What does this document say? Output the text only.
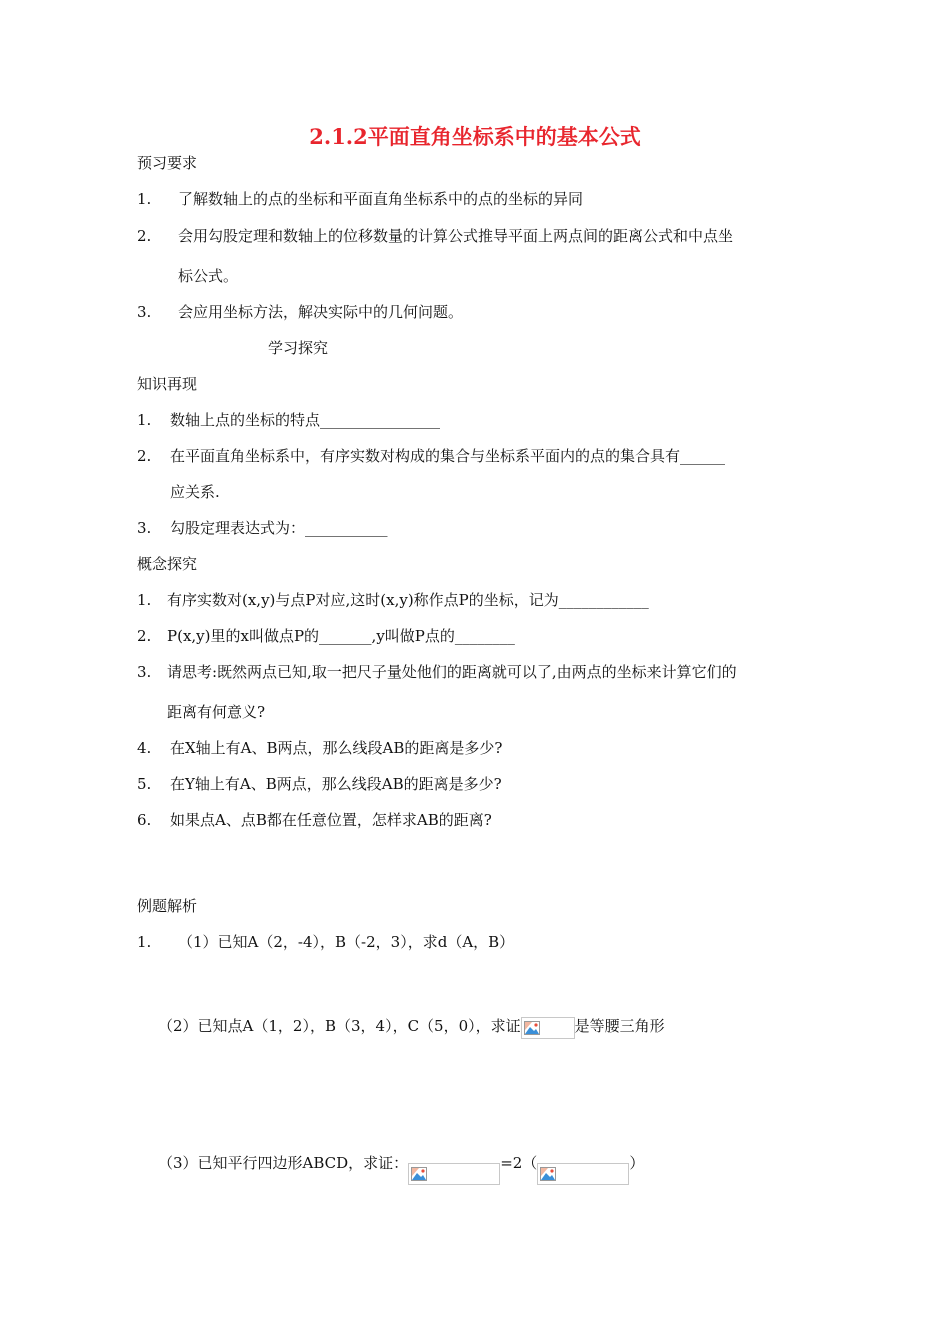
2.1.2平面直角坐标系中的基本公式
预习要求
1. 了解数轴上的点的坐标和平面直角坐标系中的点的坐标的异同
2. 会用勾股定理和数轴上的位移数量的计算公式推导平面上两点间的距离公式和中点坐
标公式。
3. 会应用坐标方法，解决实际中的几何问题。
学习探究
知识再现
1. 数轴上点的坐标的特点________________
2. 在平面直角坐标系中，有序实数对构成的集合与坐标系平面内的点的集合具有______
应关系.
3. 勾股定理表达式为：___________
概念探究
1. 有序实数对(x,y)与点P对应,这时(x,y)称作点P的坐标，记为____________
2. P(x,y)里的x叫做点P的_______,y叫做P点的________
3. 请思考:既然两点已知,取一把尺子量处他们的距离就可以了,由两点的坐标来计算它们的
距离有何意义?
4. 在X轴上有A、B两点，那么线段AB的距离是多少?
5. 在Y轴上有A、B两点，那么线段AB的距离是多少?
6. 如果点A、点B都在任意位置，怎样求AB的距离?
例题解析
1. （1）已知A（2，-4），B（-2，3），求d（A，B）
（2）已知点A（1，2），B（3，4），C（5，0），求证	是等腰三角形
（3）已知平行四边形ABCD，求证：	=2（	）
